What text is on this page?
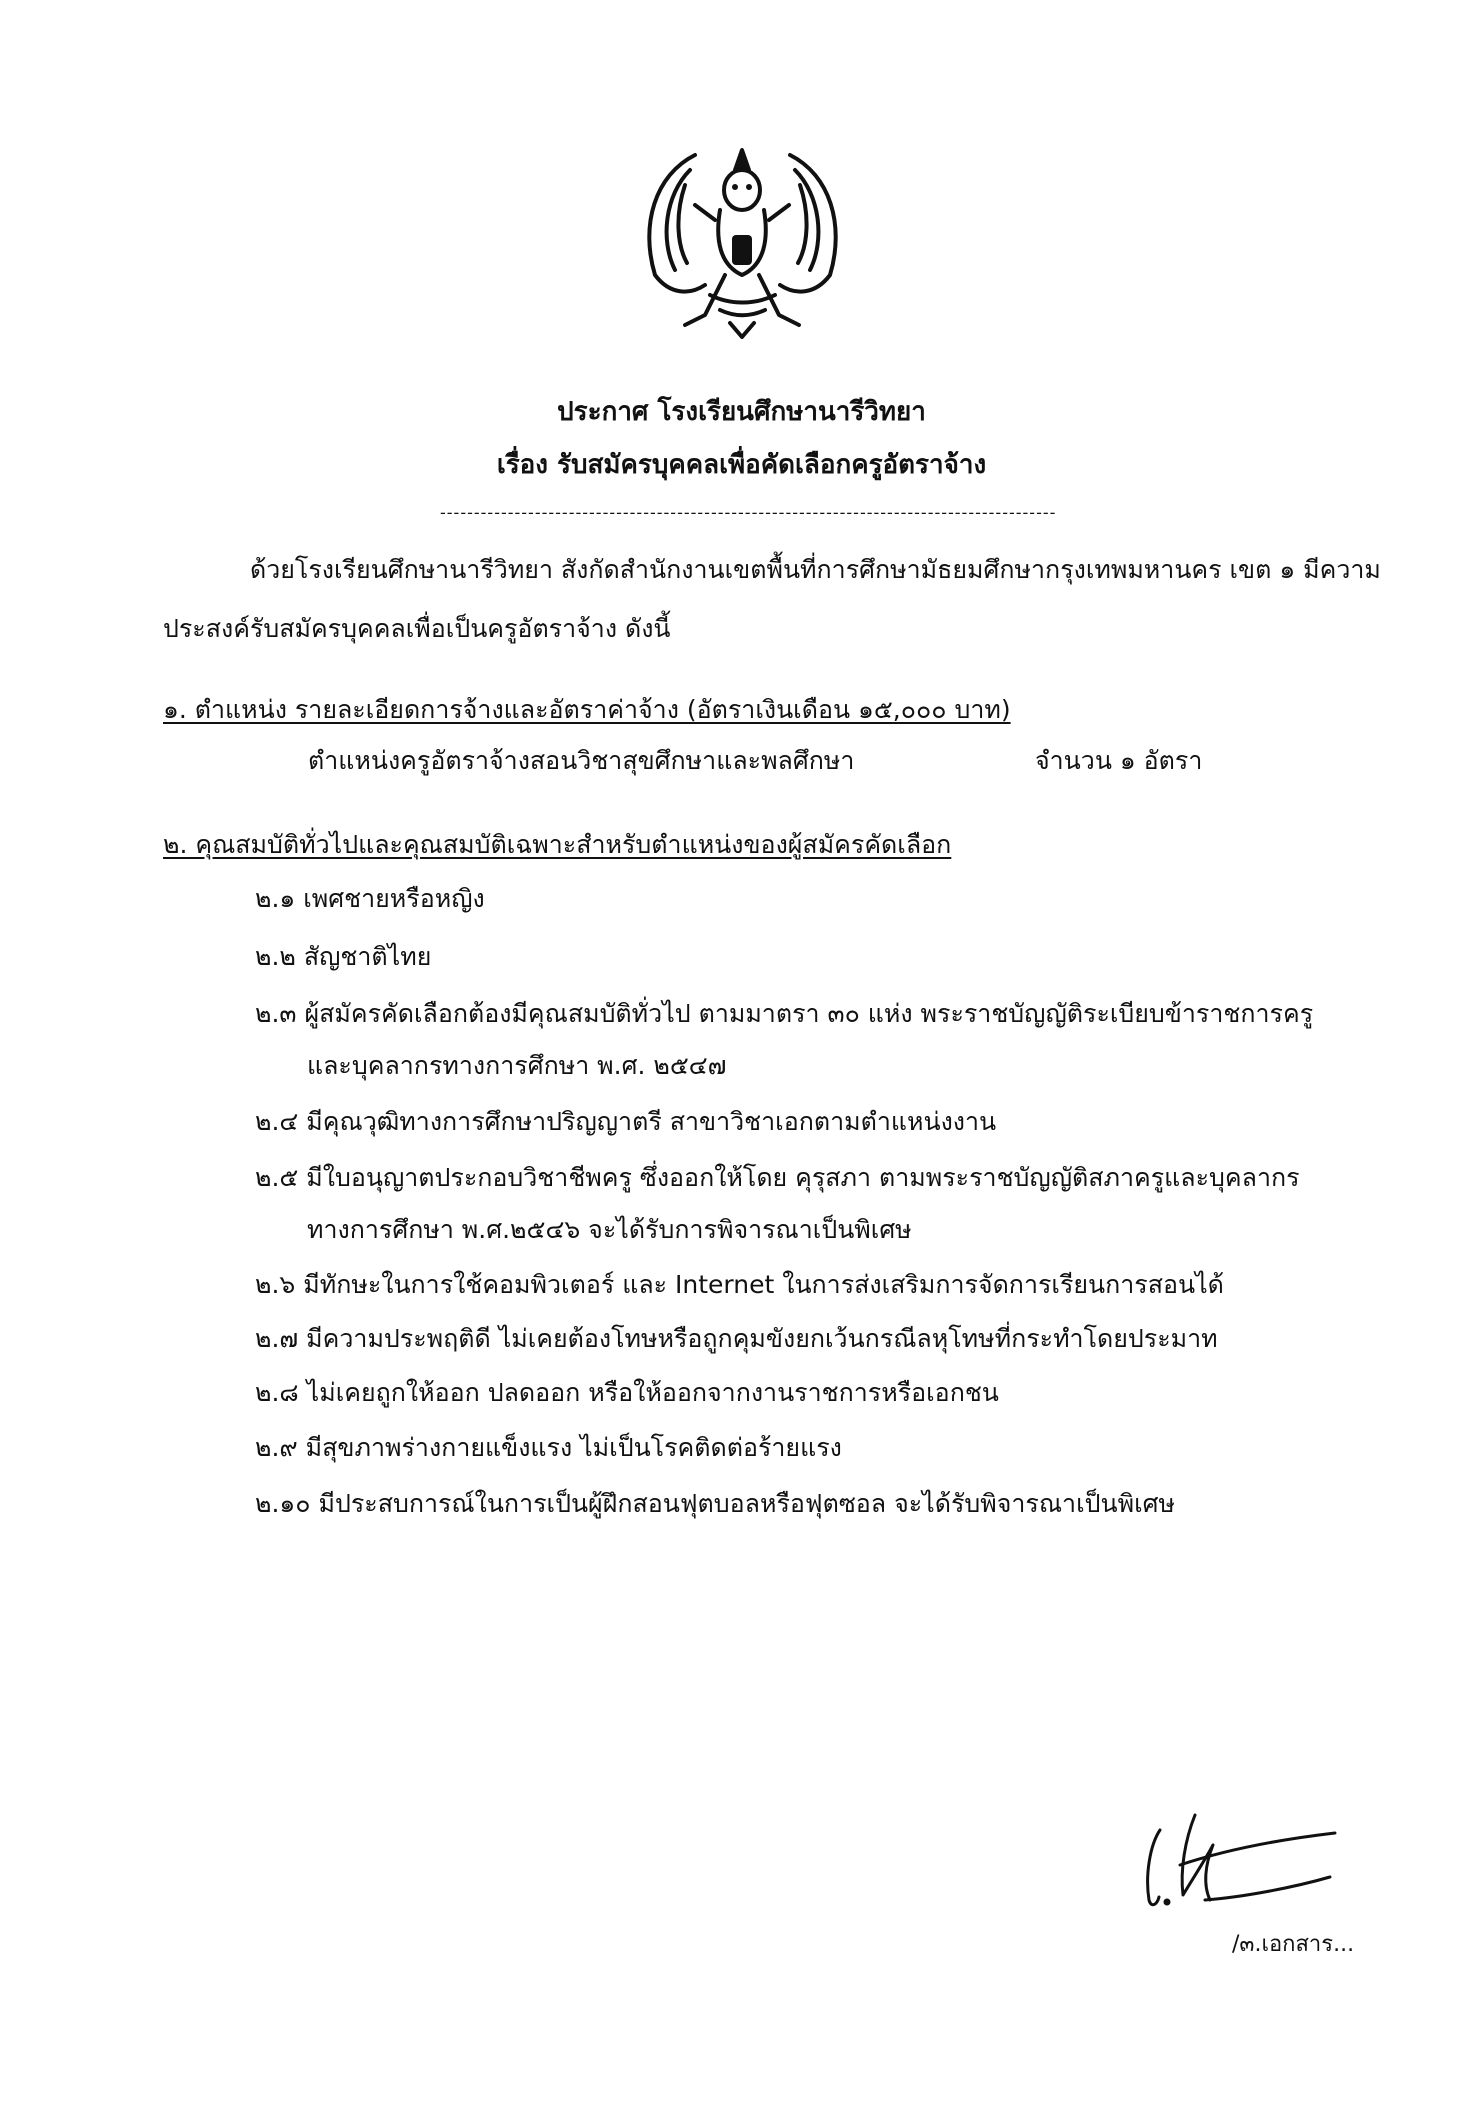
ประกาศ โรงเรียนศึกษานารีวิทยา
เรื่อง รับสมัครบุคคลเพื่อคัดเลือกครูอัตราจ้าง
-------------------------------------------------------------------------------------------
ด้วยโรงเรียนศึกษานารีวิทยา สังกัดสำนักงานเขตพื้นที่การศึกษามัธยมศึกษากรุงเทพมหานคร เขต ๑ มีความ
ประสงค์รับสมัครบุคคลเพื่อเป็นครูอัตราจ้าง ดังนี้
๑. ตำแหน่ง รายละเอียดการจ้างและอัตราค่าจ้าง (อัตราเงินเดือน ๑๕,๐๐๐ บาท)
ตำแหน่งครูอัตราจ้างสอนวิชาสุขศึกษาและพลศึกษา	จำนวน ๑ อัตรา
๒. คุณสมบัติทั่วไปและคุณสมบัติเฉพาะสำหรับตำแหน่งของผู้สมัครคัดเลือก
๒.๑ เพศชายหรือหญิง
๒.๒ สัญชาติไทย
๒.๓ ผู้สมัครคัดเลือกต้องมีคุณสมบัติทั่วไป ตามมาตรา ๓๐ แห่ง พระราชบัญญัติระเบียบข้าราชการครู
และบุคลากรทางการศึกษา พ.ศ. ๒๕๔๗
๒.๔ มีคุณวุฒิทางการศึกษาปริญญาตรี สาขาวิชาเอกตามตำแหน่งงาน
๒.๕ มีใบอนุญาตประกอบวิชาชีพครู ซึ่งออกให้โดย คุรุสภา ตามพระราชบัญญัติสภาครูและบุคลากร
ทางการศึกษา พ.ศ.๒๕๔๖ จะได้รับการพิจารณาเป็นพิเศษ
๒.๖ มีทักษะในการใช้คอมพิวเตอร์ และ Internet ในการส่งเสริมการจัดการเรียนการสอนได้
๒.๗ มีความประพฤติดี ไม่เคยต้องโทษหรือถูกคุมขังยกเว้นกรณีลหุโทษที่กระทำโดยประมาท
๒.๘ ไม่เคยถูกให้ออก ปลดออก หรือให้ออกจากงานราชการหรือเอกชน
๒.๙ มีสุขภาพร่างกายแข็งแรง ไม่เป็นโรคติดต่อร้ายแรง
๒.๑๐ มีประสบการณ์ในการเป็นผู้ฝึกสอนฟุตบอลหรือฟุตซอล จะได้รับพิจารณาเป็นพิเศษ
/๓.เอกสาร...
